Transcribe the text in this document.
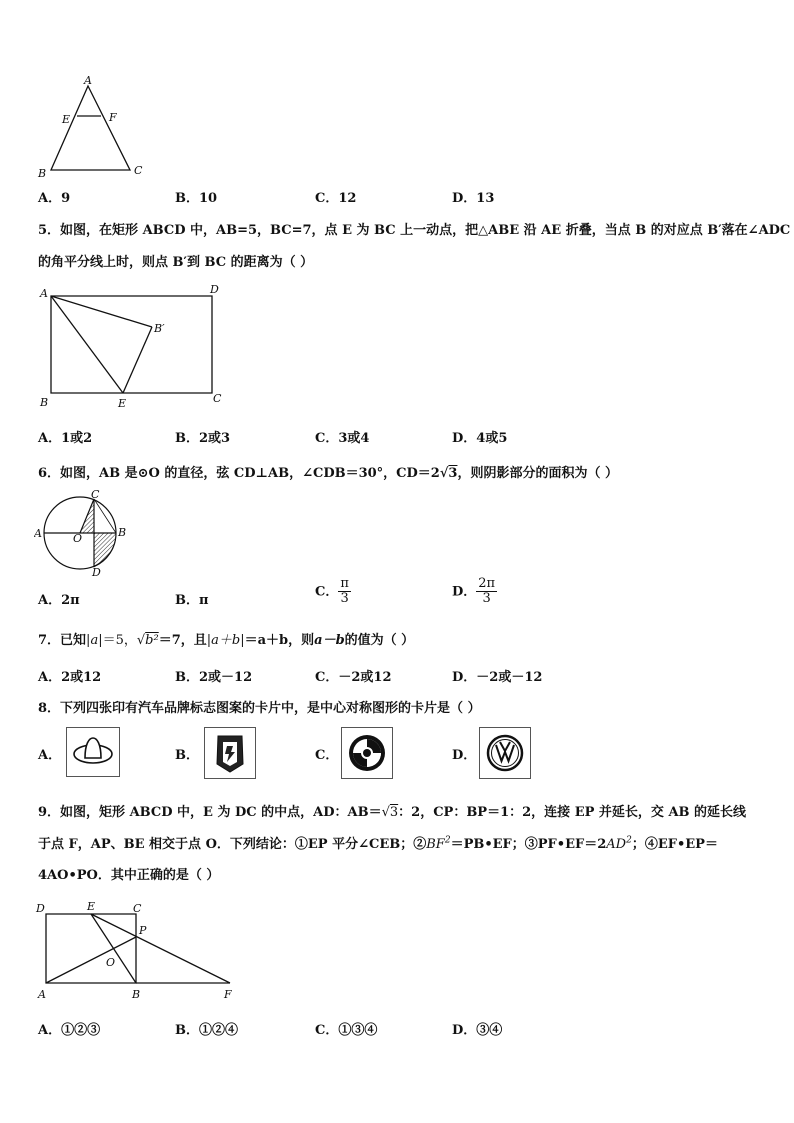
A
E	F
B	C
A．9	B．10	C．12	D．13
5．如图，在矩形 ABCD 中，AB=5，BC=7，点 E 为 BC 上一动点，把△ABE 沿 AE 折叠，当点 B 的对应点 B′落在∠ADC
的角平分线上时，则点 B′到 BC 的距离为（ ）
A	D
B′
B	E	C
A．1或2	B．2或3	C．3或4	D．4或5
6．如图，AB 是⊙O 的直径，弦 CD⊥AB，∠CDB＝30°，CD＝2√3，则阴影部分的面积为（ ）
A
C
B
D
O
A．2π	B．π
C． $\frac{\pi}{3}$	D． $\frac{2\pi}{3}$
7．已知|a|＝5，√b²＝7，且|a＋b|＝a＋b，则a－b的值为（ ）
A．2或12	B．2或－12	C．－2或12	D．－2或－12
8．下列四张印有汽车品牌标志图案的卡片中，是中心对称图形的卡片是（ ）
A．	B．	C．	D．
9．如图，矩形 ABCD 中，E 为 DC 的中点，AD：AB＝√3：2，CP：BP＝1：2，连接 EP 并延长，交 AB 的延长线
于点 F，AP、BE 相交于点 O．下列结论：①EP 平分∠CEB；$②BF^2=PB•EF$；$③PF•EF=2AD^2$；④EF•EP＝
4AO•PO．其中正确的是（ ）
D	E	C
P
O
A	B	F
A．①②③	B．①②④	C．①③④	D．③④
